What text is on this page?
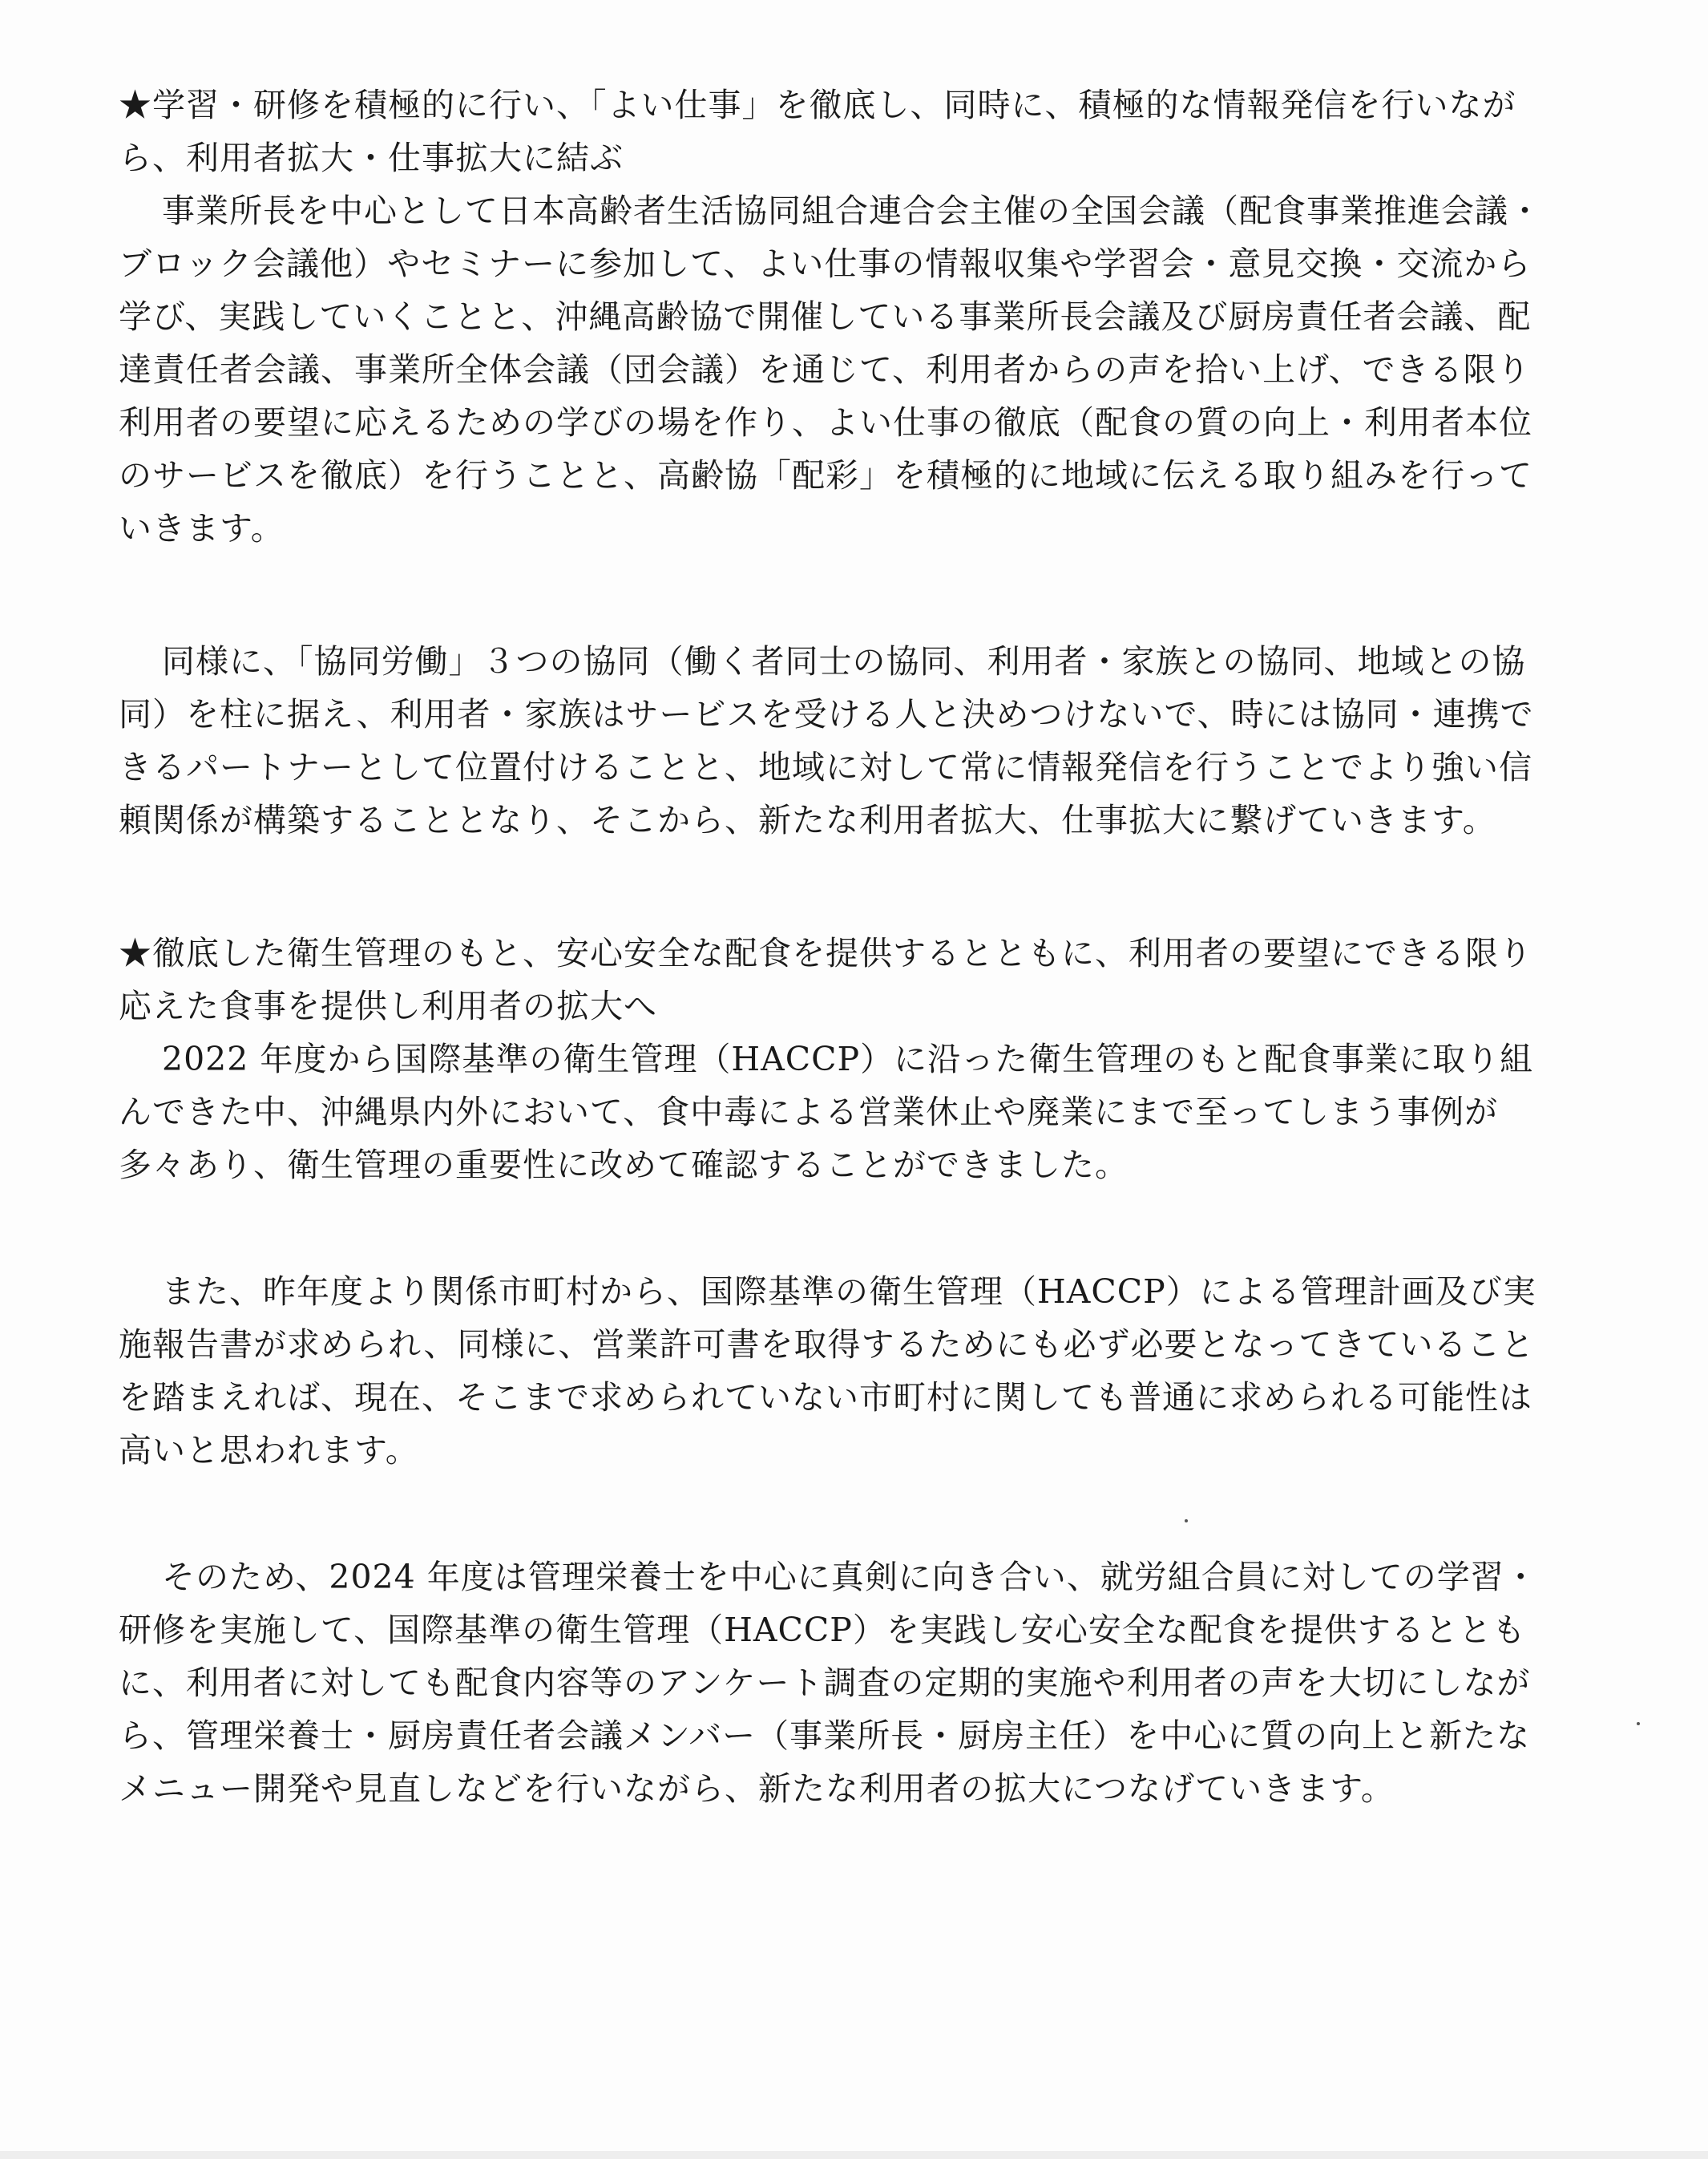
★学習・研修を積極的に行い、「よい仕事」を徹底し、同時に、積極的な情報発信を行いながら、利用者拡大・仕事拡大に結ぶ

事業所長を中心として日本高齢者生活協同組合連合会主催の全国会議（配食事業推進会議・ブロック会議他）やセミナーに参加して、よい仕事の情報収集や学習会・意見交換・交流から学び、実践していくことと、沖縄高齢協で開催している事業所長会議及び厨房責任者会議、配達責任者会議、事業所全体会議（団会議）を通じて、利用者からの声を拾い上げ、できる限り利用者の要望に応えるための学びの場を作り、よい仕事の徹底（配食の質の向上・利用者本位のサービスを徹底）を行うことと、高齢協「配彩」を積極的に地域に伝える取り組みを行っていきます。

同様に、「協同労働」３つの協同（働く者同士の協同、利用者・家族との協同、地域との協同）を柱に据え、利用者・家族はサービスを受ける人と決めつけないで、時には協同・連携できるパートナーとして位置付けることと、地域に対して常に情報発信を行うことでより強い信頼関係が構築することとなり、そこから、新たな利用者拡大、仕事拡大に繋げていきます。

★徹底した衛生管理のもと、安心安全な配食を提供するとともに、利用者の要望にできる限り応えた食事を提供し利用者の拡大へ

2022 年度から国際基準の衛生管理（HACCP）に沿った衛生管理のもと配食事業に取り組んできた中、沖縄県内外において、食中毒による営業休止や廃業にまで至ってしまう事例が多々あり、衛生管理の重要性に改めて確認することができました。

また、昨年度より関係市町村から、国際基準の衛生管理（HACCP）による管理計画及び実施報告書が求められ、同様に、営業許可書を取得するためにも必ず必要となってきていることを踏まえれば、現在、そこまで求められていない市町村に関しても普通に求められる可能性は高いと思われます。

そのため、2024 年度は管理栄養士を中心に真剣に向き合い、就労組合員に対しての学習・研修を実施して、国際基準の衛生管理（HACCP）を実践し安心安全な配食を提供するとともに、利用者に対しても配食内容等のアンケート調査の定期的実施や利用者の声を大切にしながら、管理栄養士・厨房責任者会議メンバー（事業所長・厨房主任）を中心に質の向上と新たなメニュー開発や見直しなどを行いながら、新たな利用者の拡大につなげていきます。
